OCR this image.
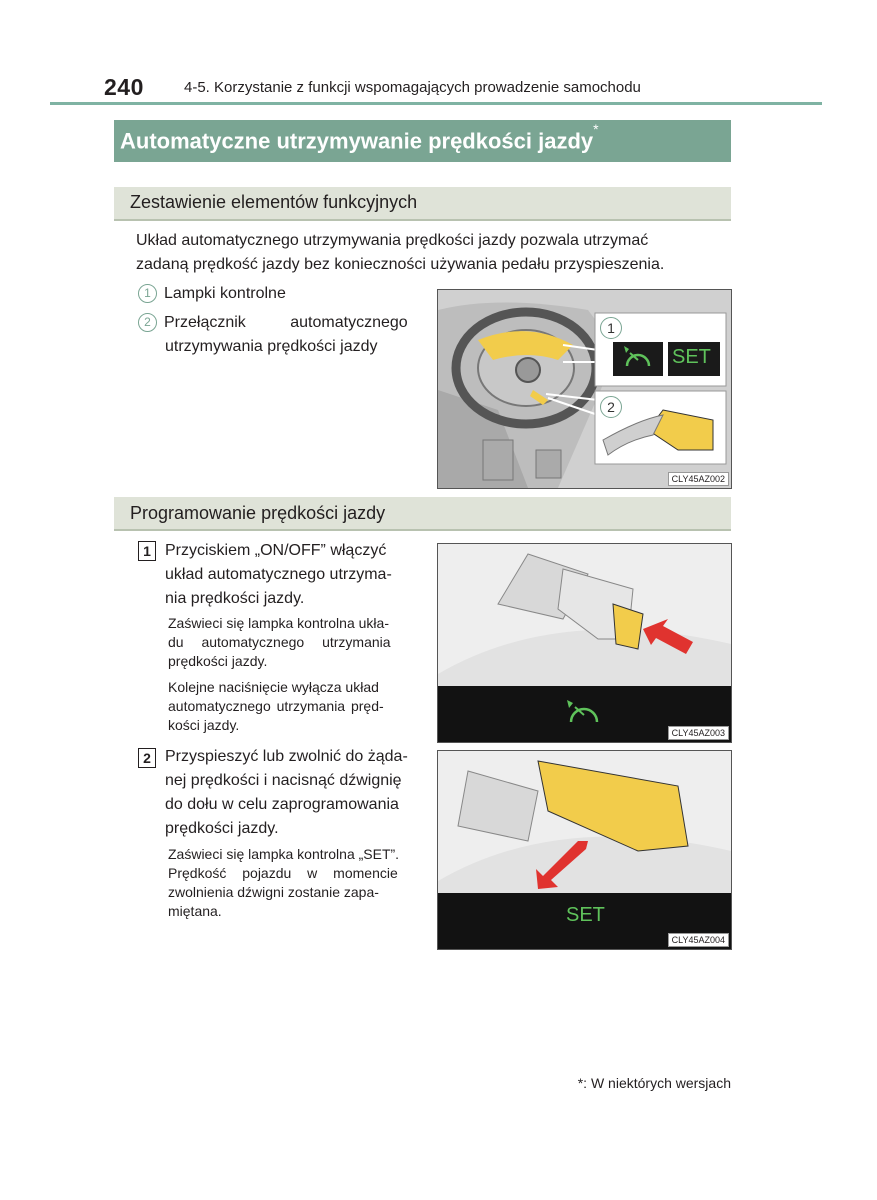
240	4-5. Korzystanie z funkcji wspomagających prowadzenie samochodu
Automatyczne utrzymywanie prędkości jazdy*
Zestawienie elementów funkcyjnych
Układ automatycznego utrzymywania prędkości jazdy pozwala utrzymać
zadaną prędkość jazdy bez konieczności używania pedału przyspieszenia.
1 Lampki kontrolne
2 Przełącznik automatycznego
utrzymywania prędkości jazdy
1
SET
2
CLY45AZ002
Programowanie prędkości jazdy
1 Przyciskiem „ON/OFF” włączyć
układ automatycznego utrzyma-
nia prędkości jazdy.
Zaświeci się lampka kontrolna ukła-
du automatycznego utrzymania
prędkości jazdy.
Kolejne naciśnięcie wyłącza układ
automatycznego utrzymania pręd-
kości jazdy.	CLY45AZ003
2 Przyspieszyć lub zwolnić do żąda-
nej prędkości i nacisnąć dźwignię
do dołu w celu zaprogramowania
prędkości jazdy.
Zaświeci się lampka kontrolna „SET”.
Prędkość pojazdu w momencie
zwolnienia dźwigni zostanie zapa-
miętana.	SET
CLY45AZ004
*: W niektórych wersjach
